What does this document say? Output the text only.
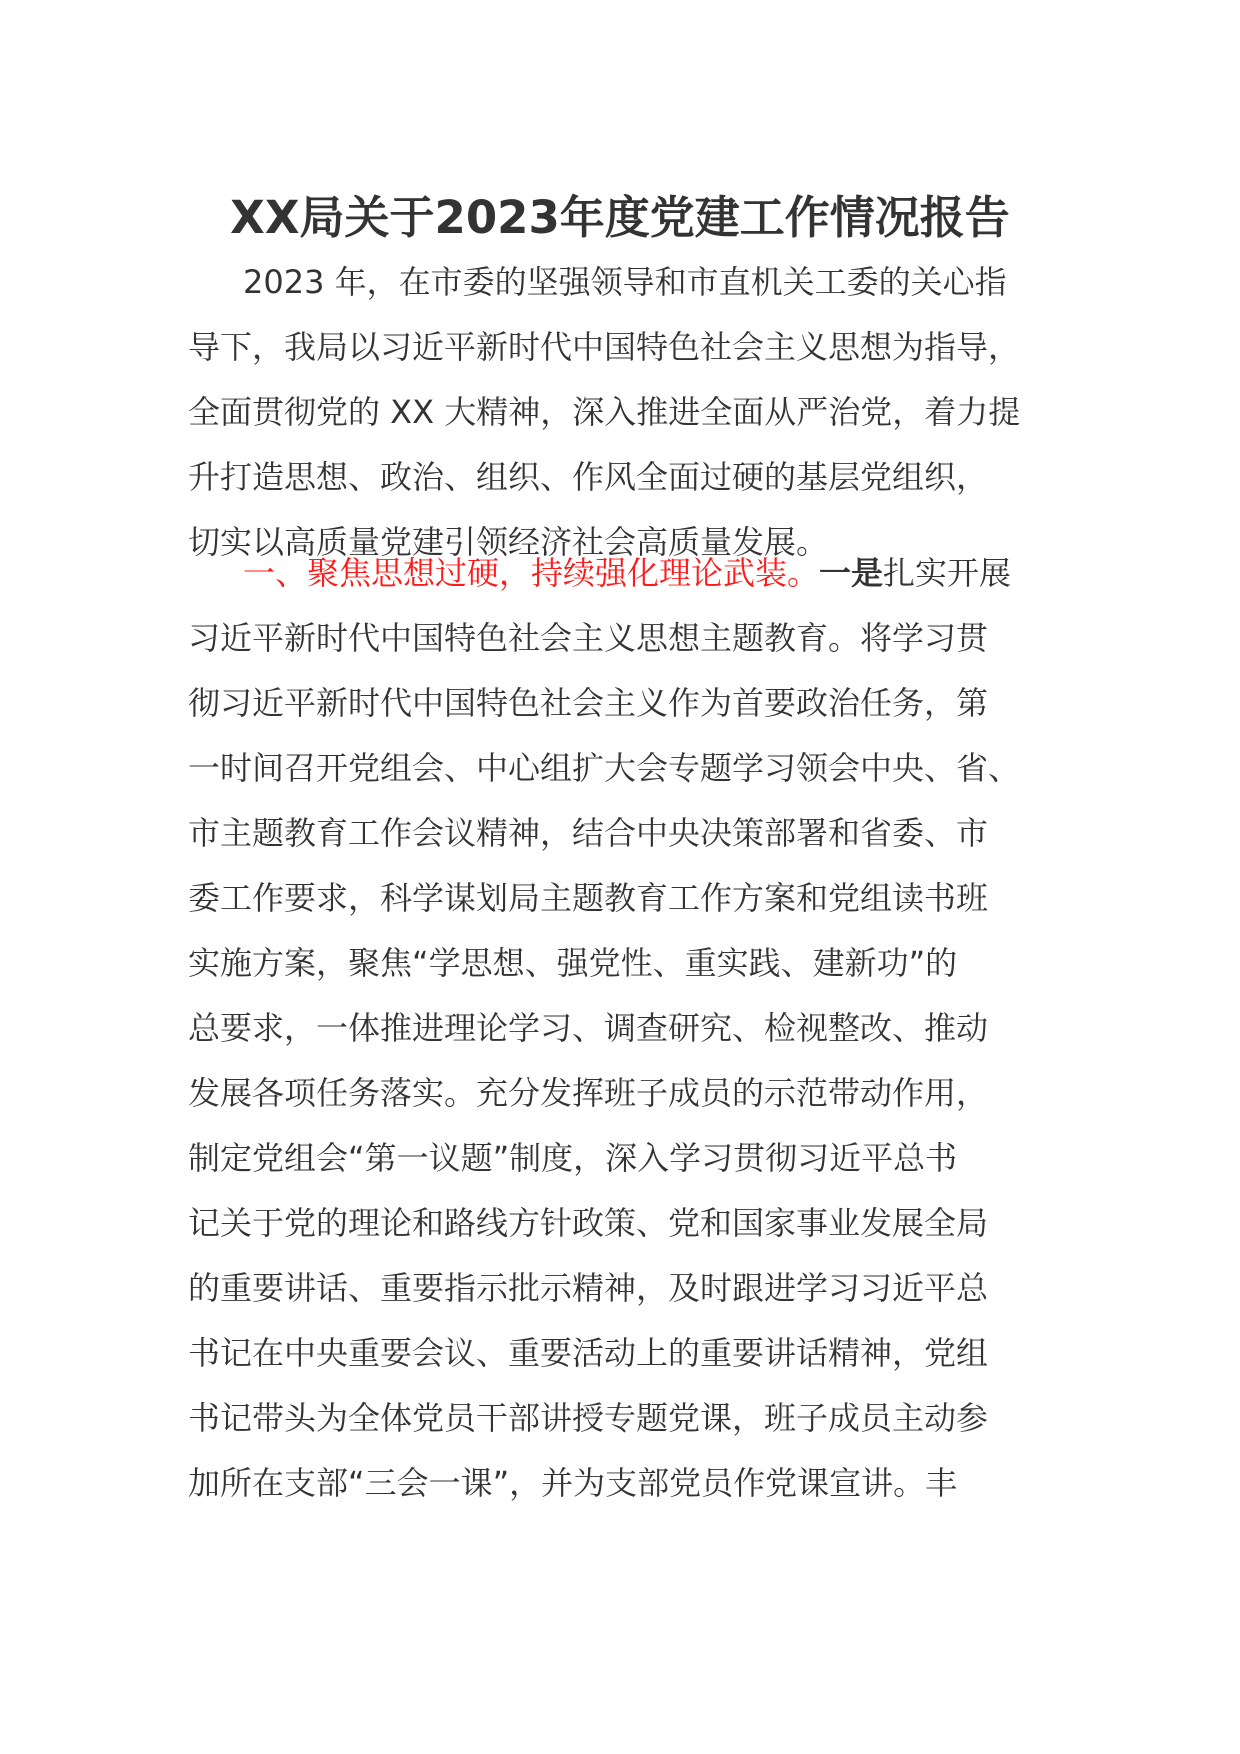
XX局关于2023年度党建工作情况报告
2023 年，在市委的坚强领导和市直机关工委的关心指
导下，我局以习近平新时代中国特色社会主义思想为指导，
全面贯彻党的 XX 大精神，深入推进全面从严治党，着力提
升打造思想、政治、组织、作风全面过硬的基层党组织，
切实以高质量党建引领经济社会高质量发展。
一、聚焦思想过硬，持续强化理论武装。一是扎实开展
习近平新时代中国特色社会主义思想主题教育。将学习贯
彻习近平新时代中国特色社会主义作为首要政治任务，第
一时间召开党组会、中心组扩大会专题学习领会中央、省、
市主题教育工作会议精神，结合中央决策部署和省委、市
委工作要求，科学谋划局主题教育工作方案和党组读书班
实施方案，聚焦“学思想、强党性、重实践、建新功”的
总要求，一体推进理论学习、调查研究、检视整改、推动
发展各项任务落实。充分发挥班子成员的示范带动作用，
制定党组会“第一议题”制度，深入学习贯彻习近平总书
记关于党的理论和路线方针政策、党和国家事业发展全局
的重要讲话、重要指示批示精神，及时跟进学习习近平总
书记在中央重要会议、重要活动上的重要讲话精神，党组
书记带头为全体党员干部讲授专题党课，班子成员主动参
加所在支部“三会一课”，并为支部党员作党课宣讲。丰
